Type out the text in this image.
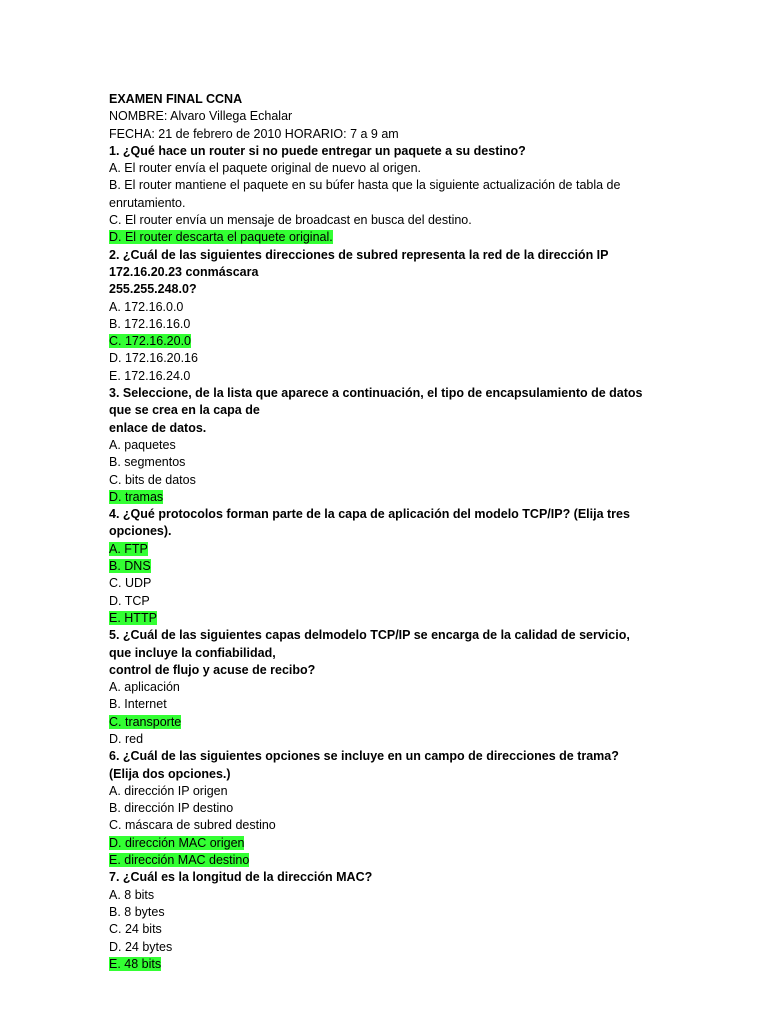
EXAMEN FINAL CCNA
NOMBRE: Alvaro Villega Echalar
FECHA: 21 de febrero de 2010 HORARIO: 7 a 9 am
1. ¿Qué hace un router si no puede entregar un paquete a su destino?
A. El router envía el paquete original de nuevo al origen.
B. El router mantiene el paquete en su búfer hasta que la siguiente actualización de tabla de enrutamiento.
C. El router envía un mensaje de broadcast en busca del destino.
D. El router descarta el paquete original.
2. ¿Cuál de las siguientes direcciones de subred representa la red de la dirección IP 172.16.20.23 conmáscara
255.255.248.0?
A. 172.16.0.0
B. 172.16.16.0
C. 172.16.20.0
D. 172.16.20.16
E. 172.16.24.0
3. Seleccione, de la lista que aparece a continuación, el tipo de encapsulamiento de datos que se crea en la capa de
enlace de datos.
A. paquetes
B. segmentos
C. bits de datos
D. tramas
4. ¿Qué protocolos forman parte de la capa de aplicación del modelo TCP/IP? (Elija tres opciones).
A. FTP
B. DNS
C. UDP
D. TCP
E. HTTP
5. ¿Cuál de las siguientes capas delmodelo TCP/IP se encarga de la calidad de servicio, que incluye la confiabilidad,
control de flujo y acuse de recibo?
A. aplicación
B. Internet
C. transporte
D. red
6. ¿Cuál de las siguientes opciones se incluye en un campo de direcciones de trama? (Elija dos opciones.)
A. dirección IP origen
B. dirección IP destino
C. máscara de subred destino
D. dirección MAC origen
E. dirección MAC destino
7. ¿Cuál es la longitud de la dirección MAC?
A. 8 bits
B. 8 bytes
C. 24 bits
D. 24 bytes
E. 48 bits
